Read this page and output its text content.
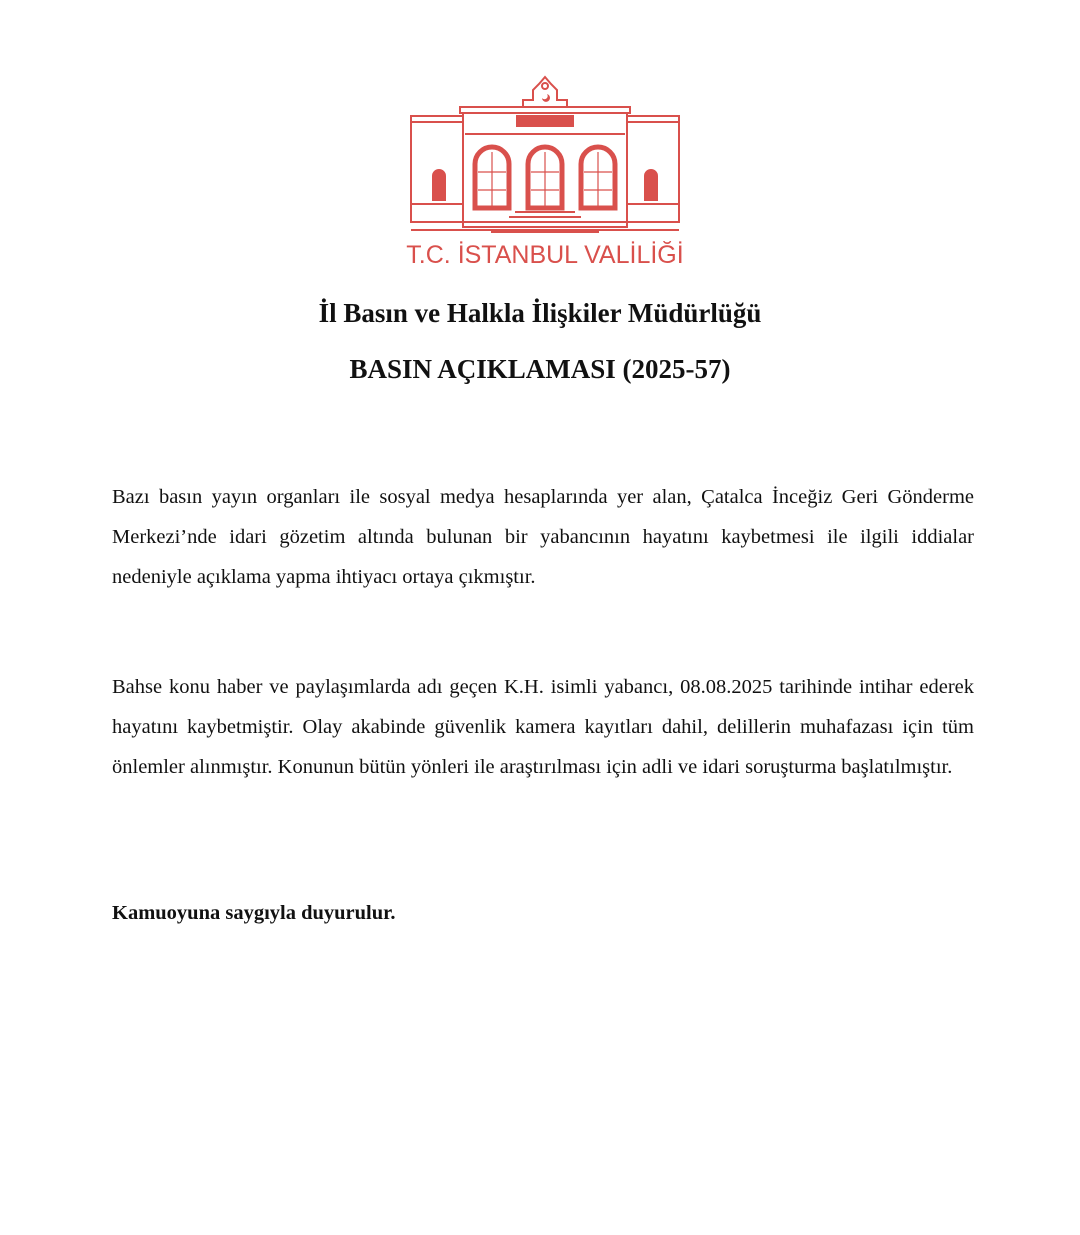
T.C. İSTANBUL VALİLİĞİ
İl Basın ve Halkla İlişkiler Müdürlüğü
BASIN AÇIKLAMASI (2025-57)

Bazı basın yayın organları ile sosyal medya hesaplarında yer alan, Çatalca İnceğiz Geri Gönderme Merkezi’nde idari gözetim altında bulunan bir yabancının hayatını kaybetmesi ile ilgili iddialar nedeniyle açıklama yapma ihtiyacı ortaya çıkmıştır.

Bahse konu haber ve paylaşımlarda adı geçen K.H. isimli yabancı, 08.08.2025 tarihinde intihar ederek hayatını kaybetmiştir. Olay akabinde güvenlik kamera kayıtları dahil, delillerin muhafazası için tüm önlemler alınmıştır. Konunun bütün yönleri ile araştırılması için adli ve idari soruşturma başlatılmıştır.

Kamuoyuna saygıyla duyurulur.
